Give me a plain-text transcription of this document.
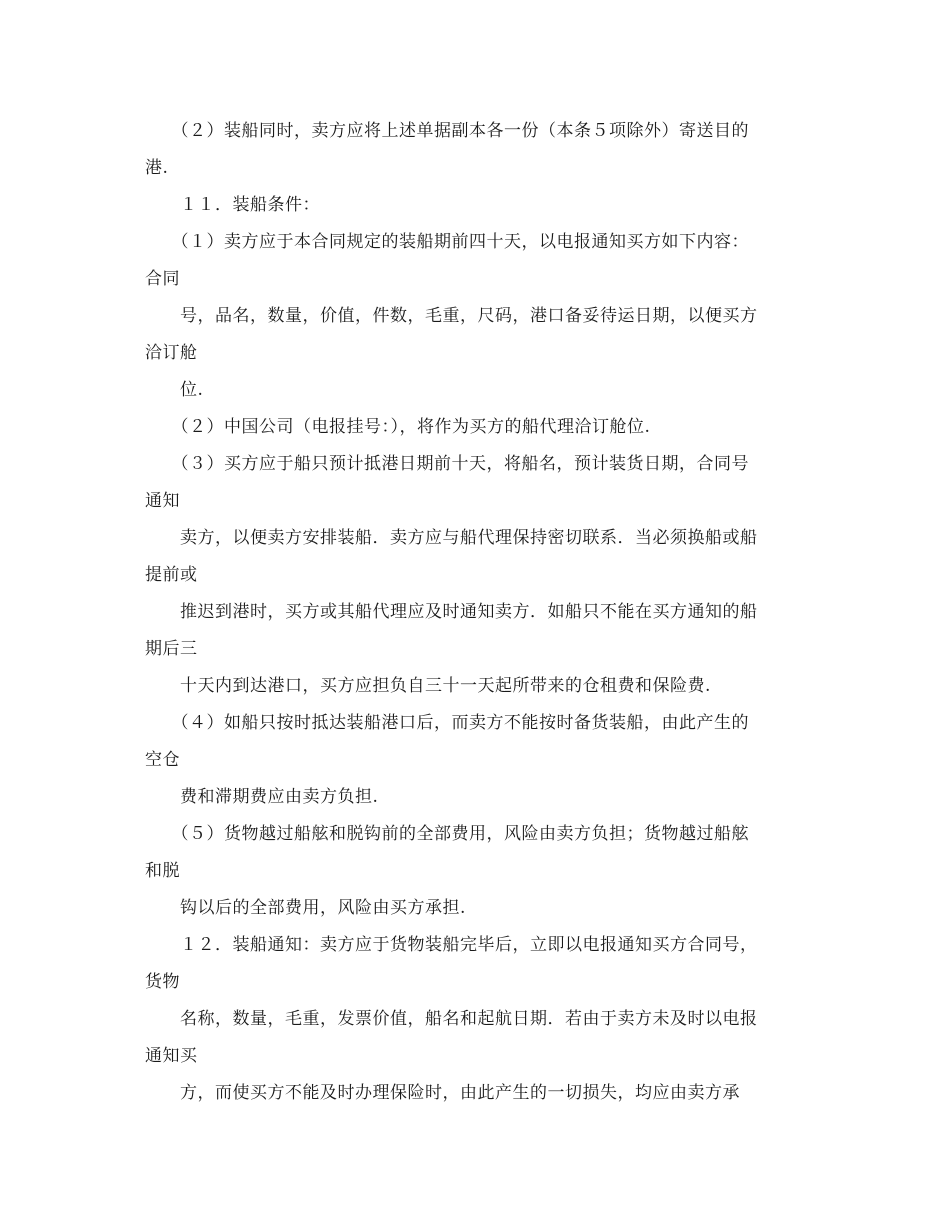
　　（２）装船同时，卖方应将上述单据副本各一份（本条５项除外）寄送目的
港.
　　１１．装船条件：
　　（１）卖方应于本合同规定的装船期前四十天，以电报通知买方如下内容：
合同
　　号，品名，数量，价值，件数，毛重，尺码，港口备妥待运日期，以便买方
洽订舱
　　位.
　　（２）中国公司（电报挂号：），将作为买方的船代理洽订舱位.
　　（３）买方应于船只预计抵港日期前十天，将船名，预计装货日期，合同号
通知
　　卖方，以便卖方安排装船．卖方应与船代理保持密切联系．当必须换船或船
提前或
　　推迟到港时，买方或其船代理应及时通知卖方．如船只不能在买方通知的船
期后三
　　十天内到达港口，买方应担负自三十一天起所带来的仓租费和保险费.
　　（４）如船只按时抵达装船港口后，而卖方不能按时备货装船，由此产生的
空仓
　　费和滞期费应由卖方负担.
　　（５）货物越过船舷和脱钩前的全部费用，风险由卖方负担；货物越过船舷
和脱
　　钩以后的全部费用，风险由买方承担.
　　１２．装船通知：卖方应于货物装船完毕后，立即以电报通知买方合同号，
货物
　　名称，数量，毛重，发票价值，船名和起航日期．若由于卖方未及时以电报
通知买
　　方，而使买方不能及时办理保险时，由此产生的一切损失，均应由卖方承
